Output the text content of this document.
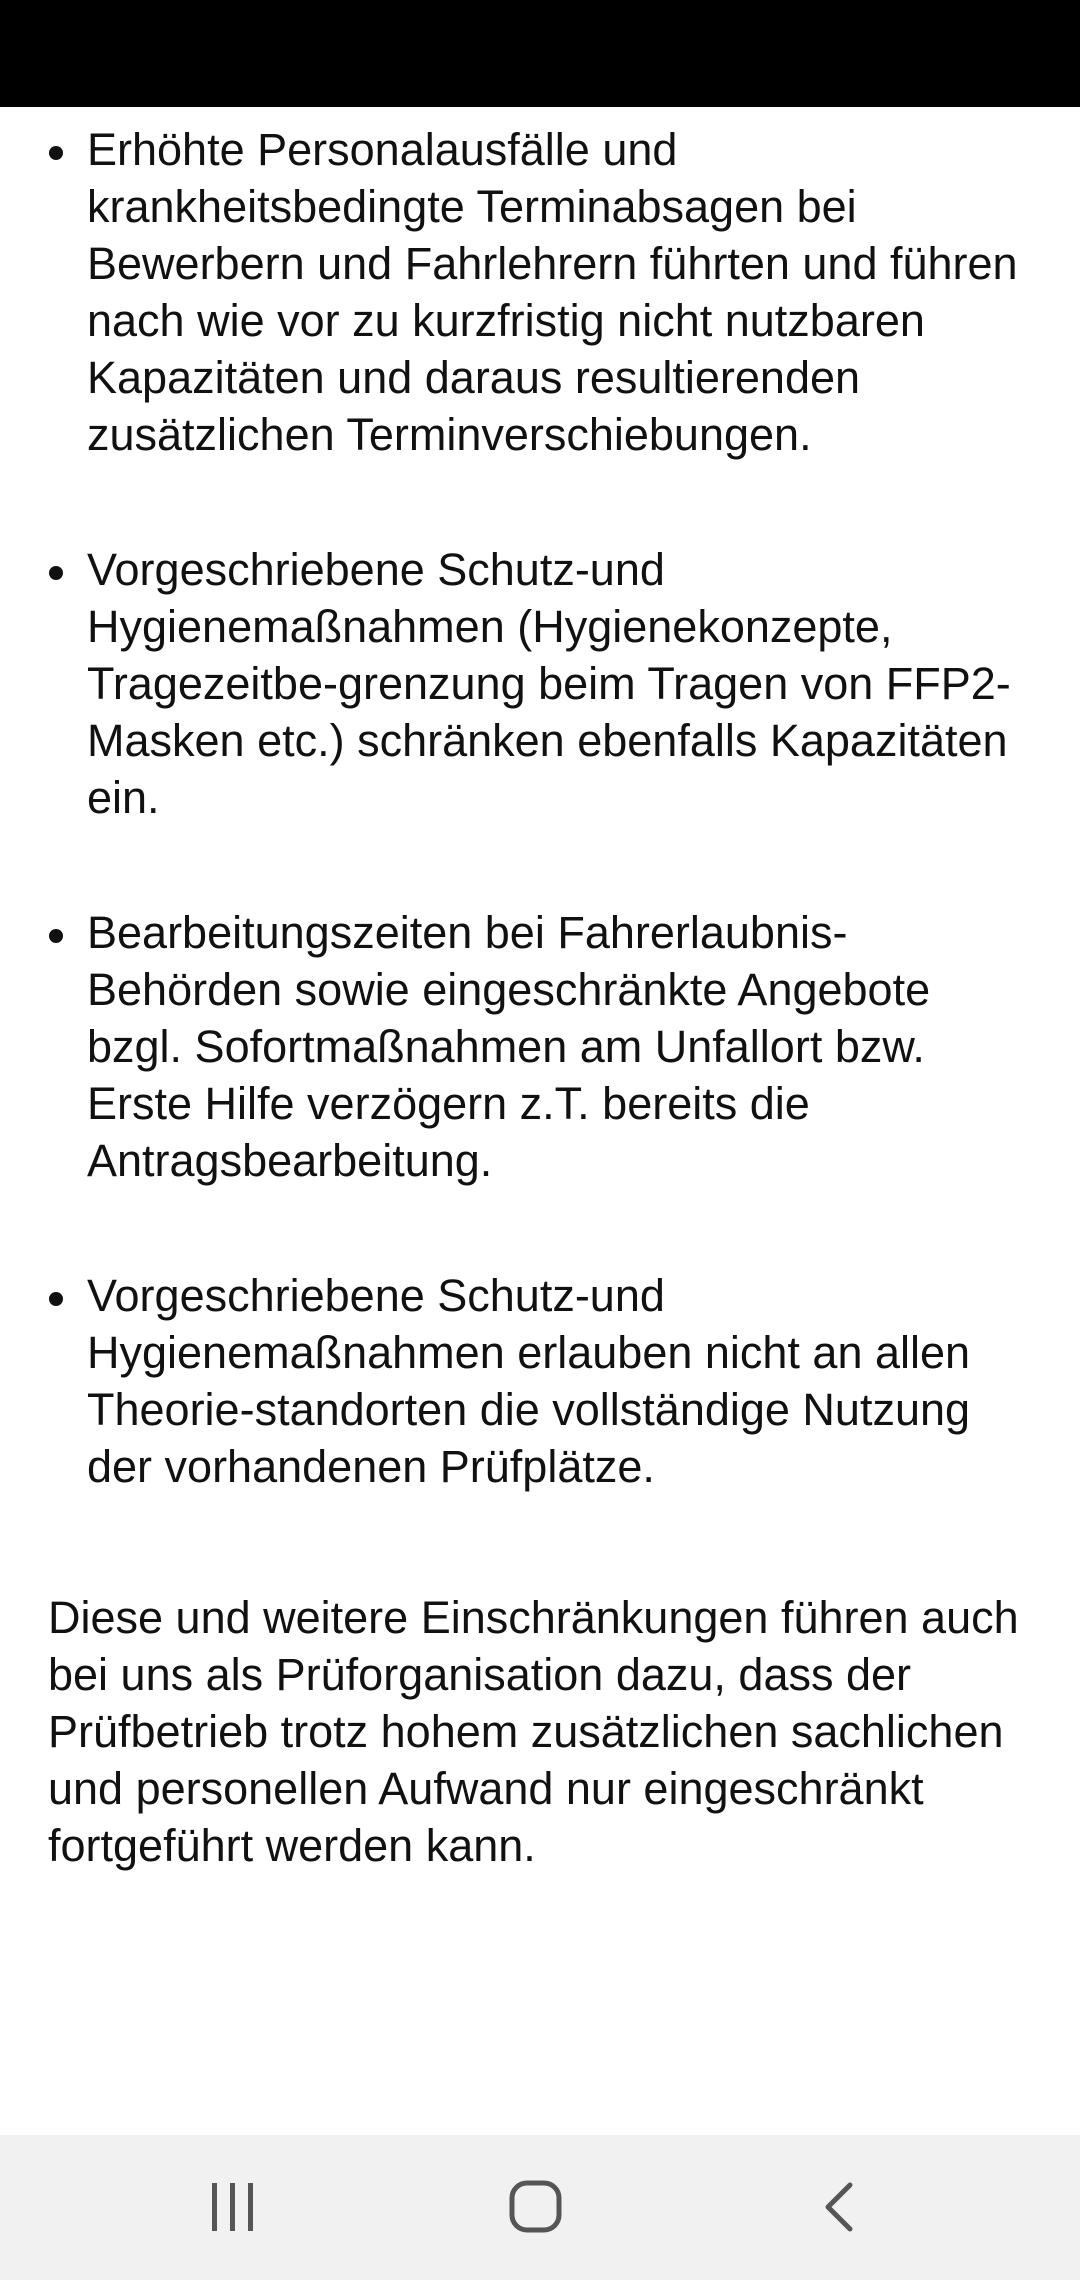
Erhöhte Personalausfälle und krankheitsbedingte Terminabsagen bei Bewerbern und Fahrlehrern führten und führen nach wie vor zu kurzfristig nicht nutzbaren Kapazitäten und daraus resultierenden zusätzlichen Terminverschiebungen.
Vorgeschriebene Schutz-und Hygienemaßnahmen (Hygienekonzepte, Tragezeitbe-grenzung beim Tragen von FFP2-Masken etc.) schränken ebenfalls Kapazitäten ein.
Bearbeitungszeiten bei Fahrerlaubnis-Behörden sowie eingeschränkte Angebote bzgl. Sofortmaßnahmen am Unfallort bzw. Erste Hilfe verzögern z.T. bereits die Antragsbearbeitung.
Vorgeschriebene Schutz-und Hygienemaßnahmen erlauben nicht an allen Theorie-standorten die vollständige Nutzung der vorhandenen Prüfplätze.

Diese und weitere Einschränkungen führen auch bei uns als Prüforganisation dazu, dass der Prüfbetrieb trotz hohem zusätzlichen sachlichen und personellen Aufwand nur eingeschränkt fortgeführt werden kann.
